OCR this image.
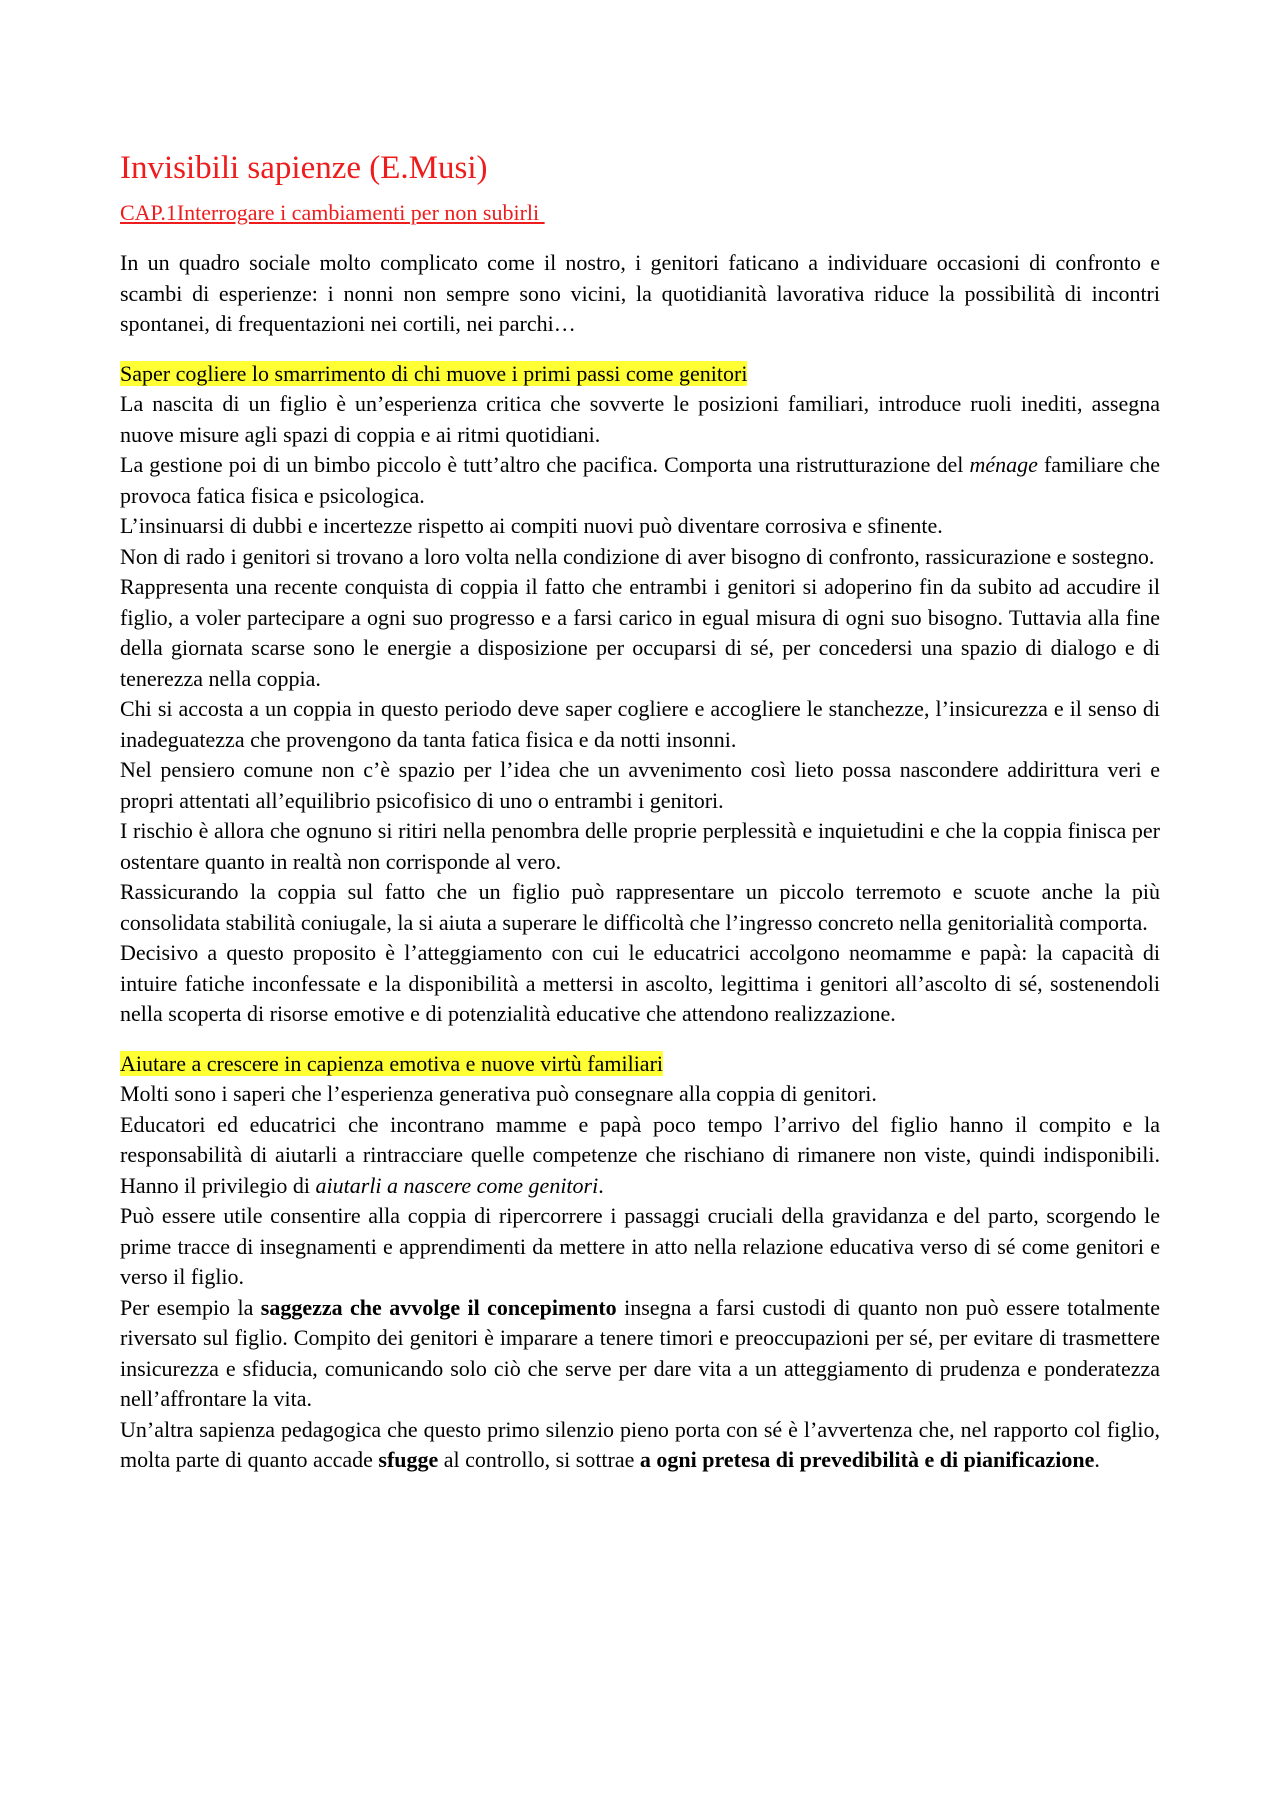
Invisibili sapienze (E.Musi)
CAP.1Interrogare i cambiamenti per non subirli

In un quadro sociale molto complicato come il nostro, i genitori faticano a individuare occasioni di confronto e scambi di esperienze: i nonni non sempre sono vicini, la quotidianità lavorativa riduce la possibilità di incontri spontanei, di frequentazioni nei cortili, nei parchi…

Saper cogliere lo smarrimento di chi muove i primi passi come genitori

La nascita di un figlio è un’esperienza critica che sovverte le posizioni familiari, introduce ruoli inediti, assegna nuove misure agli spazi di coppia e ai ritmi quotidiani.

La gestione poi di un bimbo piccolo è tutt’altro che pacifica. Comporta una ristrutturazione del ménage familiare che provoca fatica fisica e psicologica.

L’insinuarsi di dubbi e incertezze rispetto ai compiti nuovi può diventare corrosiva e sfinente.

Non di rado i genitori si trovano a loro volta nella condizione di aver bisogno di confronto, rassicurazione e sostegno.

Rappresenta una recente conquista di coppia il fatto che entrambi i genitori si adoperino fin da subito ad accudire il figlio, a voler partecipare a ogni suo progresso e a farsi carico in egual misura di ogni suo bisogno. Tuttavia alla fine della giornata scarse sono le energie a disposizione per occuparsi di sé, per concedersi una spazio di dialogo e di tenerezza nella coppia.

Chi si accosta a un coppia in questo periodo deve saper cogliere e accogliere le stanchezze, l’insicurezza e il senso di inadeguatezza che provengono da tanta fatica fisica e da notti insonni.

Nel pensiero comune non c’è spazio per l’idea che un avvenimento così lieto possa nascondere addirittura veri e propri attentati all’equilibrio psicofisico di uno o entrambi i genitori.

I rischio è allora che ognuno si ritiri nella penombra delle proprie perplessità e inquietudini e che la coppia finisca per ostentare quanto in realtà non corrisponde al vero.

Rassicurando la coppia sul fatto che un figlio può rappresentare un piccolo terremoto e scuote anche la più consolidata stabilità coniugale, la si aiuta a superare le difficoltà che l’ingresso concreto nella genitorialità comporta.

Decisivo a questo proposito è l’atteggiamento con cui le educatrici accolgono neomamme e papà: la capacità di intuire fatiche inconfessate e la disponibilità a mettersi in ascolto, legittima i genitori all’ascolto di sé, sostenendoli nella scoperta di risorse emotive e di potenzialità educative che attendono realizzazione.

Aiutare a crescere in capienza emotiva e nuove virtù familiari

Molti sono i saperi che l’esperienza generativa può consegnare alla coppia di genitori.

Educatori ed educatrici che incontrano mamme e papà poco tempo l’arrivo del figlio hanno il compito e la responsabilità di aiutarli a rintracciare quelle competenze che rischiano di rimanere non viste, quindi indisponibili. Hanno il privilegio di aiutarli a nascere come genitori.

Può essere utile consentire alla coppia di ripercorrere i passaggi cruciali della gravidanza e del parto, scorgendo le prime tracce di insegnamenti e apprendimenti da mettere in atto nella relazione educativa verso di sé come genitori e verso il figlio.

Per esempio la saggezza che avvolge il concepimento insegna a farsi custodi di quanto non può essere totalmente riversato sul figlio. Compito dei genitori è imparare a tenere timori e preoccupazioni per sé, per evitare di trasmettere insicurezza e sfiducia, comunicando solo ciò che serve per dare vita a un atteggiamento di prudenza e ponderatezza nell’affrontare la vita.

Un’altra sapienza pedagogica che questo primo silenzio pieno porta con sé è l’avvertenza che, nel rapporto col figlio, molta parte di quanto accade sfugge al controllo, si sottrae a ogni pretesa di prevedibilità e di pianificazione.
